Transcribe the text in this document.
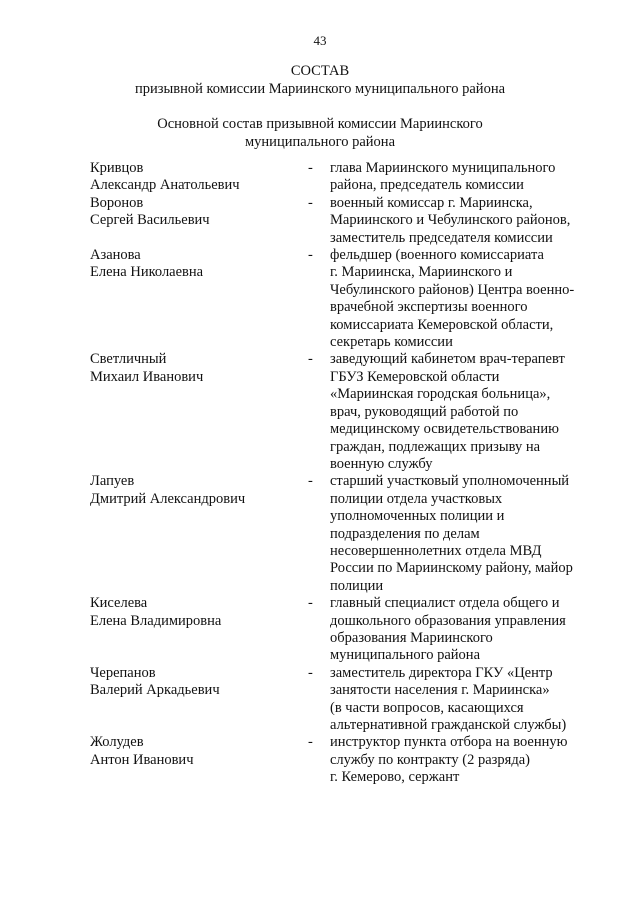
43
СОСТАВ
призывной комиссии Мариинского муниципального района
Основной состав призывной комиссии Мариинского
муниципального района
Кривцов
Александр Анатольевич
-	глава Мариинского муниципального
района, председатель комиссии
Воронов
Сергей Васильевич
-	военный комиссар г. Мариинска,
Мариинского и Чебулинского районов,
заместитель председателя комиссии
Азанова
Елена Николаевна
-	фельдшер (военного комиссариата
г. Мариинска, Мариинского и
Чебулинского районов) Центра военно-
врачебной экспертизы военного
комиссариата Кемеровской области,
секретарь комиссии
Светличный
Михаил Иванович
-	заведующий кабинетом врач-терапевт
ГБУЗ Кемеровской области
«Мариинская городская больница»,
врач, руководящий работой по
медицинскому освидетельствованию
граждан, подлежащих призыву на
военную службу
Лапуев
Дмитрий Александрович
-	старший участковый уполномоченный
полиции отдела участковых
уполномоченных полиции и
подразделения по делам
несовершеннолетних отдела МВД
России по Мариинскому району, майор
полиции
Киселева
Елена Владимировна
-	главный специалист отдела общего и
дошкольного образования управления
образования Мариинского
муниципального района
Черепанов
Валерий Аркадьевич
-	заместитель директора ГКУ «Центр
занятости населения г. Мариинска»
(в части вопросов, касающихся
альтернативной гражданской службы)
Жолудев
Антон Иванович
-	инструктор пункта отбора на военную
службу по контракту (2 разряда)
г. Кемерово, сержант
